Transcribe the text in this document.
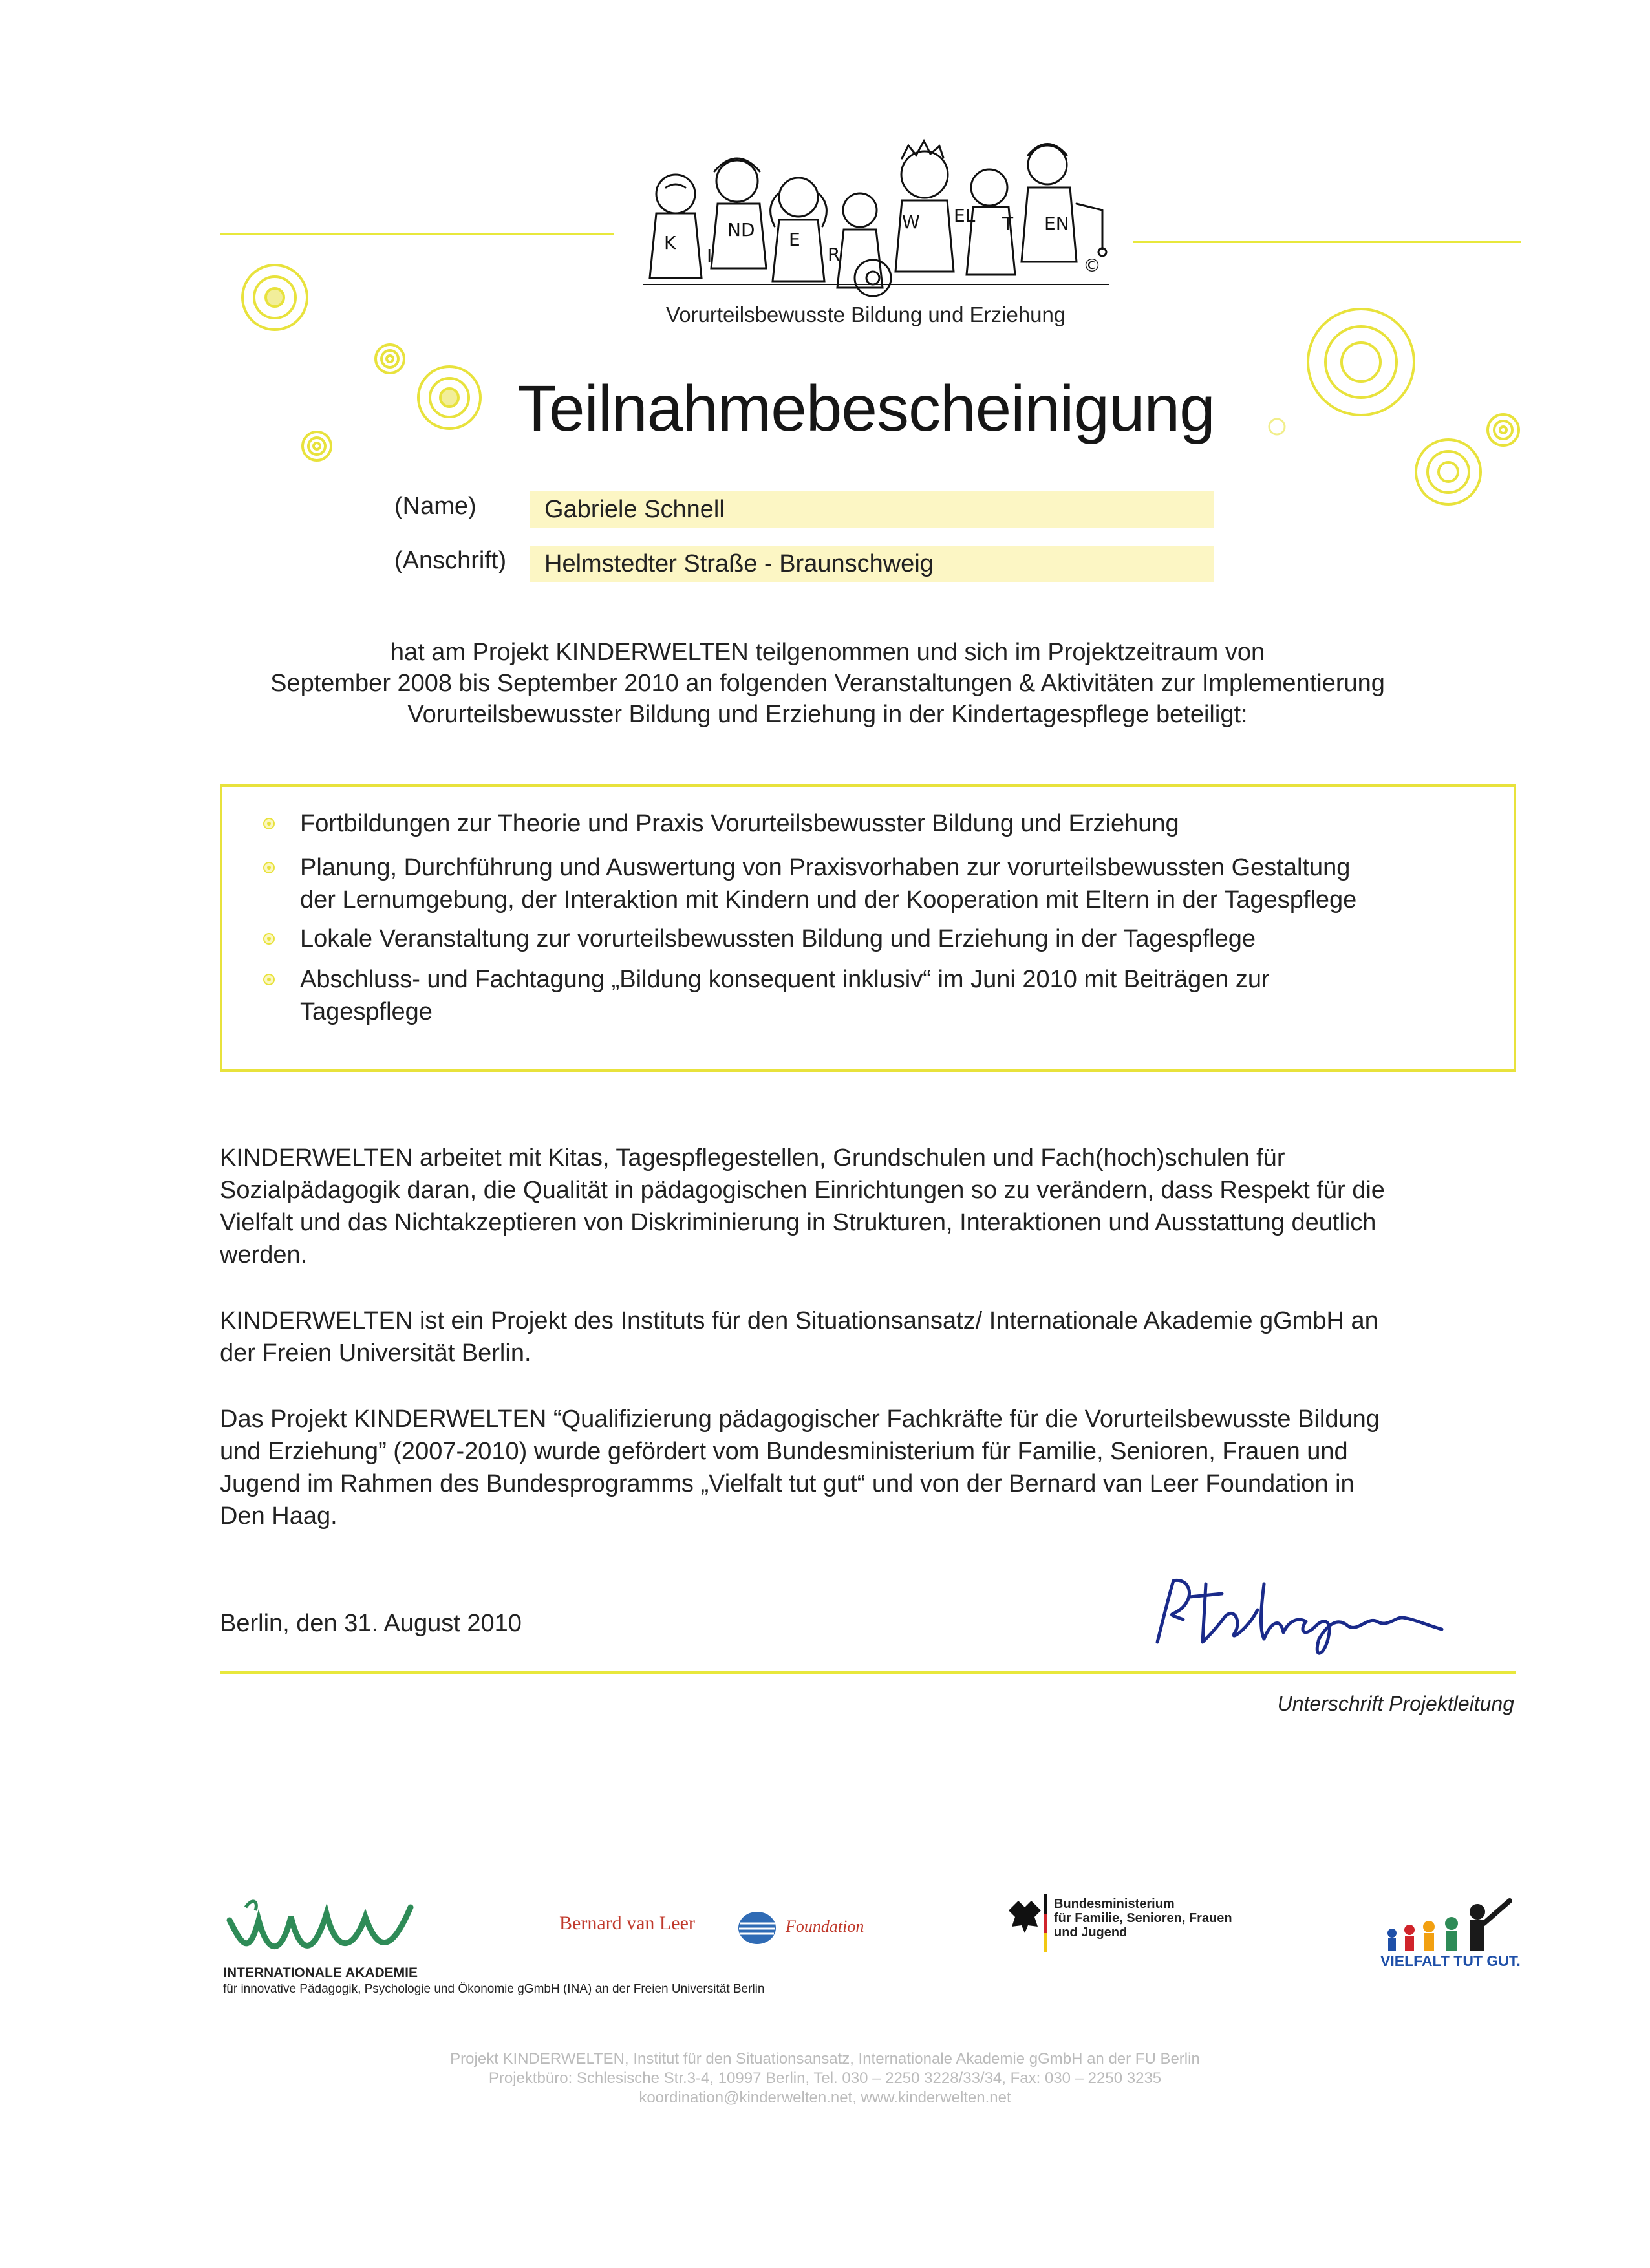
K
I
ND E
R
W EL T EN
©
Vorurteilsbewusste Bildung und Erziehung
Teilnahmebescheinigung
(Name)	Gabriele Schnell
(Anschrift)	Helmstedter Straße - Braunschweig
hat am Projekt KINDERWELTEN teilgenommen und sich im Projektzeitraum von
September 2008 bis September 2010 an folgenden Veranstaltungen & Aktivitäten zur Implementierung
Vorurteilsbewusster Bildung und Erziehung in der Kindertagespflege beteiligt:
Fortbildungen zur Theorie und Praxis Vorurteilsbewusster Bildung und Erziehung
Planung, Durchführung und Auswertung von Praxisvorhaben zur vorurteilsbewussten Gestaltung
der Lernumgebung, der Interaktion mit Kindern und der Kooperation mit Eltern in der Tagespflege
Lokale Veranstaltung zur vorurteilsbewussten Bildung und Erziehung in der Tagespflege
Abschluss- und Fachtagung „Bildung konsequent inklusiv“ im Juni 2010 mit Beiträgen zur
Tagespflege
KINDERWELTEN arbeitet mit Kitas, Tagespflegestellen, Grundschulen und Fach(hoch)schulen für
Sozialpädagogik daran, die Qualität in pädagogischen Einrichtungen so zu verändern, dass Respekt für die
Vielfalt und das Nichtakzeptieren von Diskriminierung in Strukturen, Interaktionen und Ausstattung deutlich
werden.
KINDERWELTEN ist ein Projekt des Instituts für den Situationsansatz/ Internationale Akademie gGmbH an
der Freien Universität Berlin.
Das Projekt KINDERWELTEN “Qualifizierung pädagogischer Fachkräfte für die Vorurteilsbewusste Bildung
und Erziehung” (2007-2010) wurde gefördert vom Bundesministerium für Familie, Senioren, Frauen und
Jugend im Rahmen des Bundesprogramms „Vielfalt tut gut“ und von der Bernard van Leer Foundation in
Den Haag.
Berlin, den 31. August 2010
Unterschrift Projektleitung
INTERNATIONALE AKADEMIE
für innovative Pädagogik, Psychologie und Ökonomie gGmbH (INA) an der Freien Universität Berlin
Bernard van Leer	Foundation
Bundesministerium
für Familie, Senioren, Frauen
und Jugend
VIELFALT TUT GUT.
Projekt KINDERWELTEN, Institut für den Situationsansatz, Internationale Akademie gGmbH an der FU Berlin
Projektbüro: Schlesische Str.3-4, 10997 Berlin, Tel. 030 – 2250 3228/33/34, Fax: 030 – 2250 3235
koordination@kinderwelten.net, www.kinderwelten.net
